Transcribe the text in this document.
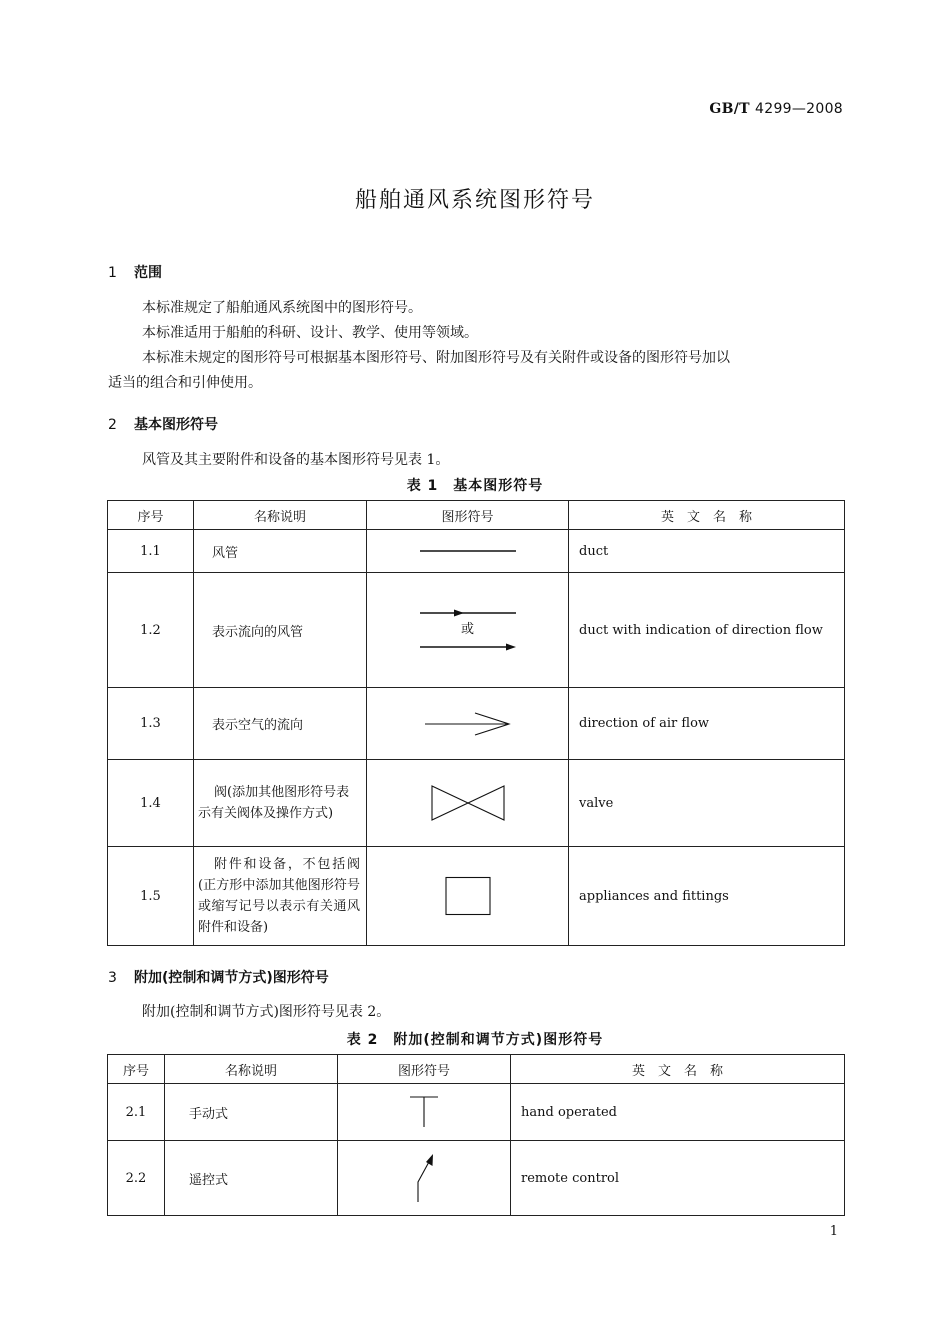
GB/T 4299—2008
船舶通风系统图形符号
1 范围
本标准规定了船舶通风系统图中的图形符号。
本标准适用于船舶的科研、设计、教学、使用等领域。
本标准未规定的图形符号可根据基本图形符号、附加图形符号及有关附件或设备的图形符号加以
适当的组合和引伸使用。
2 基本图形符号
风管及其主要附件和设备的基本图形符号见表 1。
表 1　基本图形符号
序号	名称说明	图形符号	英　文　名　称
1.1	风管		duct
1.2	表示流向的风管	或	duct with indication of direction flow
1.3	表示空气的流向		direction of air flow
1.4	阀(添加其他图形符号表示有关阀体及操作方式)		valve
1.5	附件和设备，不包括阀(正方形中添加其他图形符号或缩写记号以表示有关通风附件和设备)		appliances and fittings
3 附加(控制和调节方式)图形符号
附加(控制和调节方式)图形符号见表 2。
表 2　附加(控制和调节方式)图形符号
序号	名称说明	图形符号	英　文　名　称
2.1	手动式		hand operated
2.2	遥控式		remote control
1
